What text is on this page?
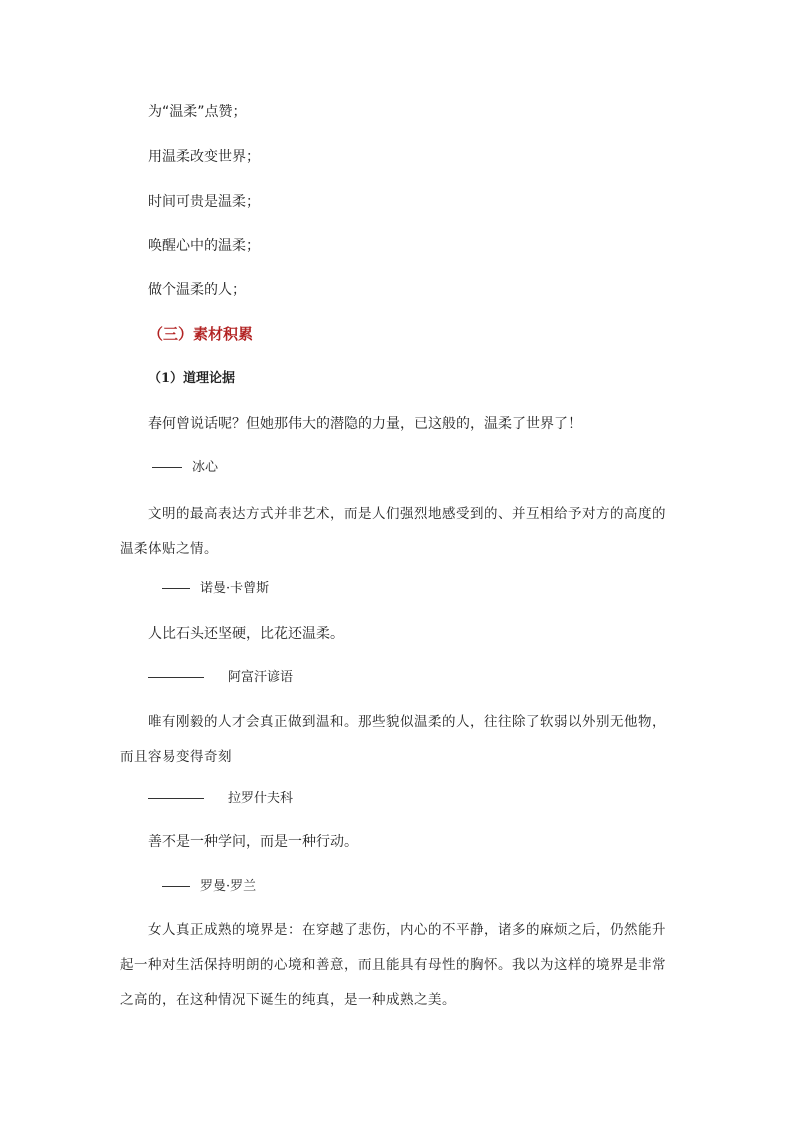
为“温柔”点赞；
用温柔改变世界；
时间可贵是温柔；
唤醒心中的温柔；
做个温柔的人；
（三）素材积累
（1）道理论据
春何曾说话呢？但她那伟大的潜隐的力量，已这般的，温柔了世界了！
冰心
文明的最高表达方式并非艺术，而是人们强烈地感受到的、并互相给予对方的高度的温柔体贴之情。
诺曼·卡曾斯
人比石头还坚硬，比花还温柔。
阿富汗谚语
唯有刚毅的人才会真正做到温和。那些貌似温柔的人，往往除了软弱以外别无他物，而且容易变得奇刻
拉罗什夫科
善不是一种学问，而是一种行动。
罗曼·罗兰
女人真正成熟的境界是：在穿越了悲伤，内心的不平静，诸多的麻烦之后，仍然能升起一种对生活保持明朗的心境和善意，而且能具有母性的胸怀。我以为这样的境界是非常之高的，在这种情况下诞生的纯真，是一种成熟之美。
